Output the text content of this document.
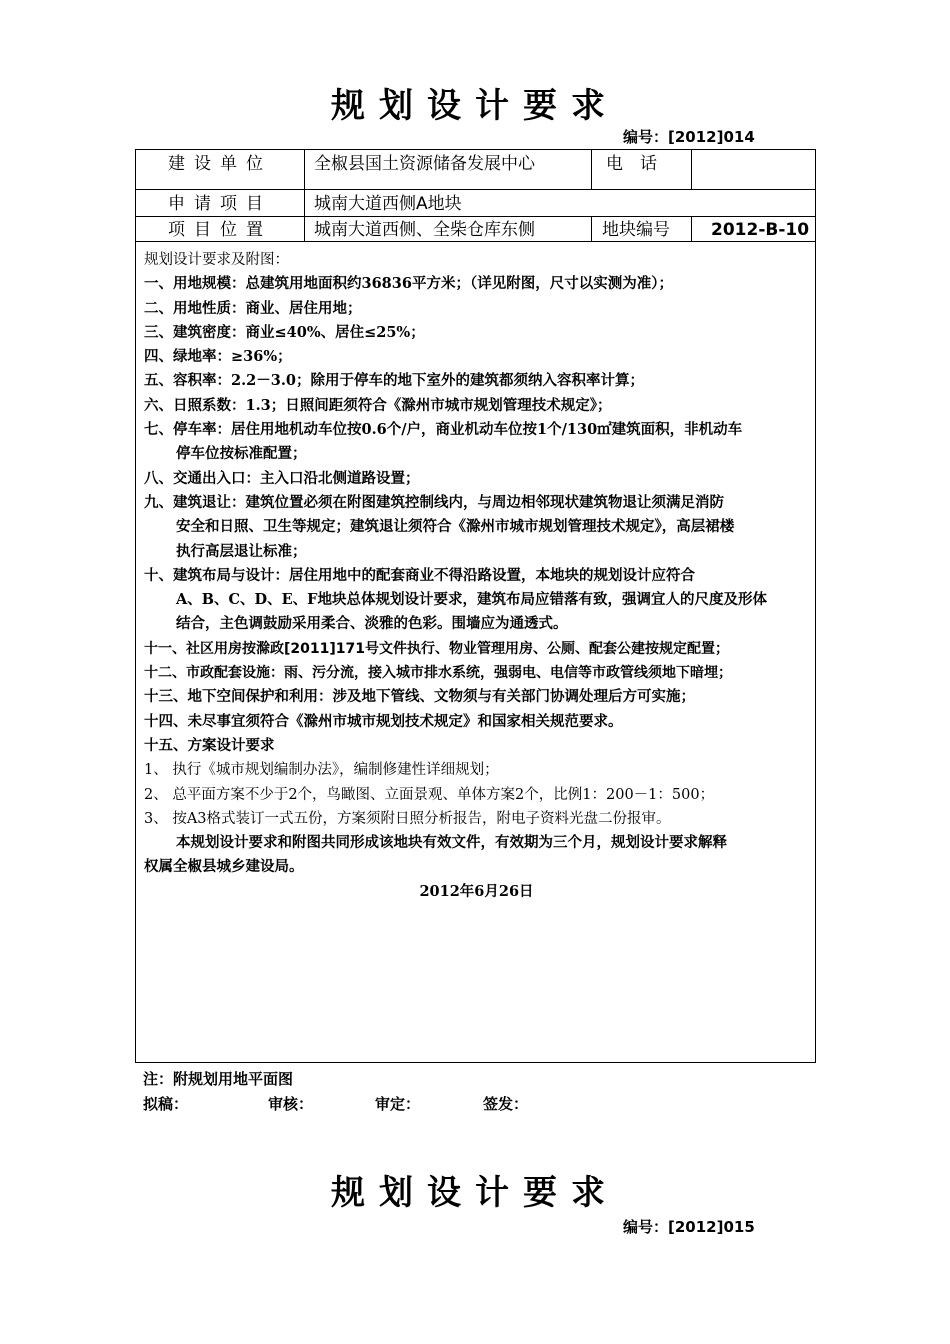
规划设计要求
编号：[2012]014
建设单位 全椒县国土资源储备发展中心	电　话
申请项目 城南大道西侧A地块
项目位置 城南大道西侧、全柴仓库东侧	地块编号 2012-B-10
规划设计要求及附图：
一、用地规模：总建筑用地面积约36836平方米；（详见附图，尺寸以实测为准）；
二、用地性质：商业、居住用地；
三、建筑密度：商业≤40%、居住≤25%；
四、绿地率：≥36%；
五、容积率：2.2－3.0；除用于停车的地下室外的建筑都须纳入容积率计算；
六、日照系数：1.3；日照间距须符合《滁州市城市规划管理技术规定》；
七、停车率：居住用地机动车位按0.6个/户，商业机动车位按1个/130㎡建筑面积，非机动车
停车位按标准配置；
八、交通出入口：主入口沿北侧道路设置；
九、建筑退让：建筑位置必须在附图建筑控制线内，与周边相邻现状建筑物退让须满足消防
安全和日照、卫生等规定；建筑退让须符合《滁州市城市规划管理技术规定》，高层裙楼
执行高层退让标准；
十、建筑布局与设计：居住用地中的配套商业不得沿路设置，本地块的规划设计应符合
A、B、C、D、E、F地块总体规划设计要求，建筑布局应错落有致，强调宜人的尺度及形体
结合，主色调鼓励采用柔合、淡雅的色彩。围墙应为通透式。
十一、社区用房按滁政[2011]171号文件执行、物业管理用房、公厕、配套公建按规定配置；
十二、市政配套设施：雨、污分流，接入城市排水系统，强弱电、电信等市政管线须地下暗埋；
十三、地下空间保护和利用：涉及地下管线、文物须与有关部门协调处理后方可实施；
十四、未尽事宜须符合《滁州市城市规划技术规定》和国家相关规范要求。
十五、方案设计要求
1、 执行《城市规划编制办法》，编制修建性详细规划；
2、 总平面方案不少于2个，鸟瞰图、立面景观、单体方案2个，比例1：200－1：500；
3、 按A3格式装订一式五份，方案须附日照分析报告，附电子资料光盘二份报审。
本规划设计要求和附图共同形成该地块有效文件，有效期为三个月，规划设计要求解释
权属全椒县城乡建设局。
2012年6月26日
注：附规划用地平面图
拟稿：	审核：	审定：	签发：
规划设计要求
编号：[2012]015
